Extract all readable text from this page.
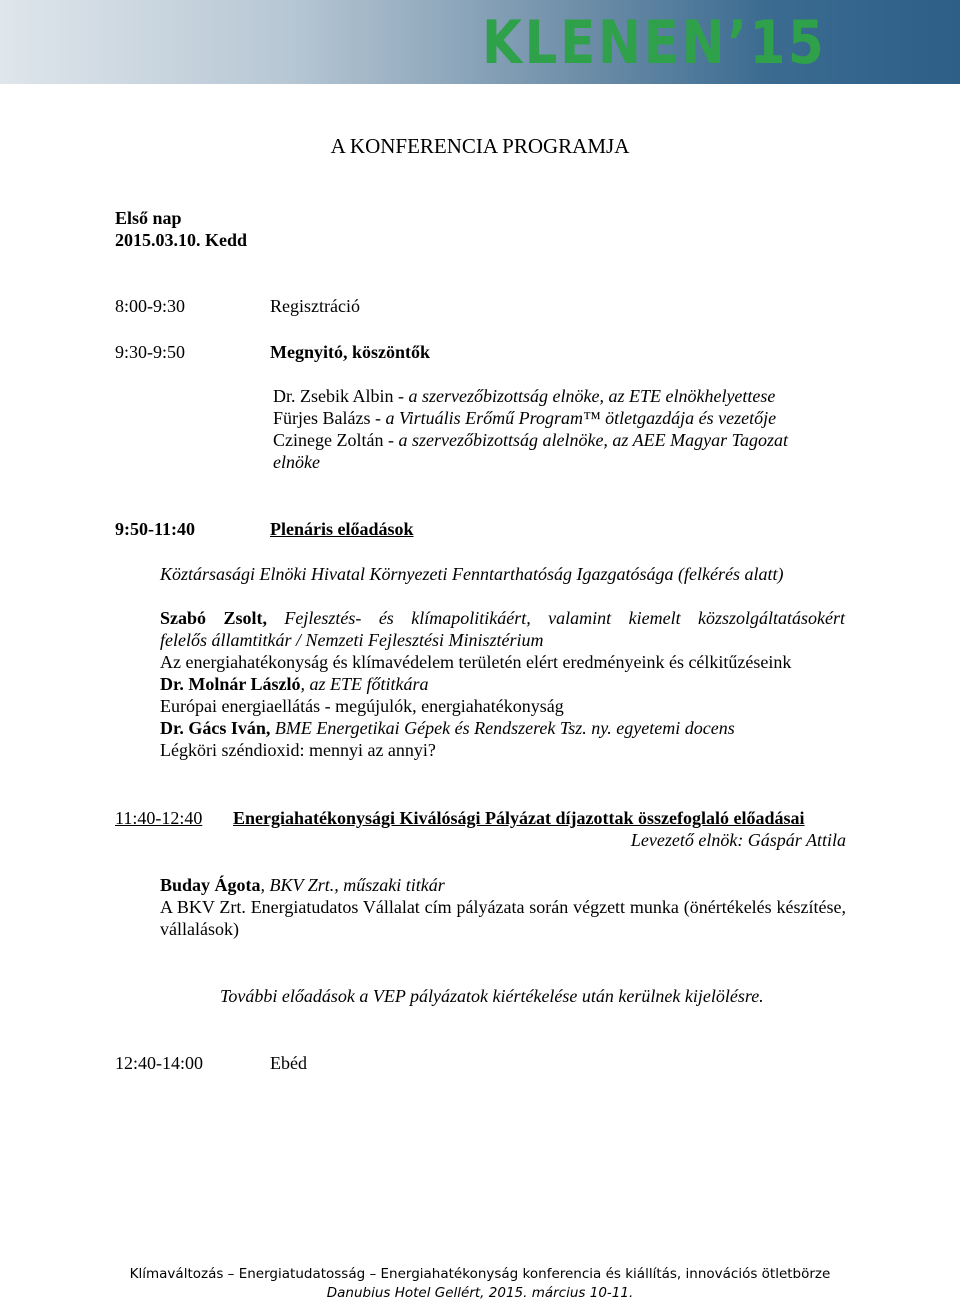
KLENEN’15
A KONFERENCIA PROGRAMJA
Első nap
2015.03.10. Kedd
8:00-9:30	Regisztráció
9:30-9:50	Megnyitó, köszöntők
Dr. Zsebik Albin - a szervezőbizottság elnöke, az ETE elnökhelyettese
Fürjes Balázs - a Virtuális Erőmű Program™ ötletgazdája és vezetője
Czinege Zoltán - a szervezőbizottság alelnöke, az AEE Magyar Tagozat
elnöke
9:50-11:40	Plenáris előadások
Köztársasági Elnöki Hivatal Környezeti Fenntarthatóság Igazgatósága (felkérés alatt)
Szabó Zsolt, Fejlesztés- és klímapolitikáért, valamint kiemelt közszolgáltatásokért
felelős államtitkár / Nemzeti Fejlesztési Minisztérium
Az energiahatékonyság és klímavédelem területén elért eredményeink és célkitűzéseink
Dr. Molnár László, az ETE főtitkára
Európai energiaellátás - megújulók, energiahatékonyság
Dr. Gács Iván, BME Energetikai Gépek és Rendszerek Tsz. ny. egyetemi docens
Légköri széndioxid: mennyi az annyi?
11:40-12:40 Energiahatékonysági Kiválósági Pályázat díjazottak összefoglaló előadásai
Levezető elnök: Gáspár Attila
Buday Ágota, BKV Zrt., műszaki titkár
A BKV Zrt. Energiatudatos Vállalat cím pályázata során végzett munka (önértékelés készítése, vállalások)
További előadások a VEP pályázatok kiértékelése után kerülnek kijelölésre.
12:40-14:00	Ebéd
Klímaváltozás – Energiatudatosság – Energiahatékonyság konferencia és kiállítás, innovációs ötletbörze
Danubius Hotel Gellért, 2015. március 10-11.
